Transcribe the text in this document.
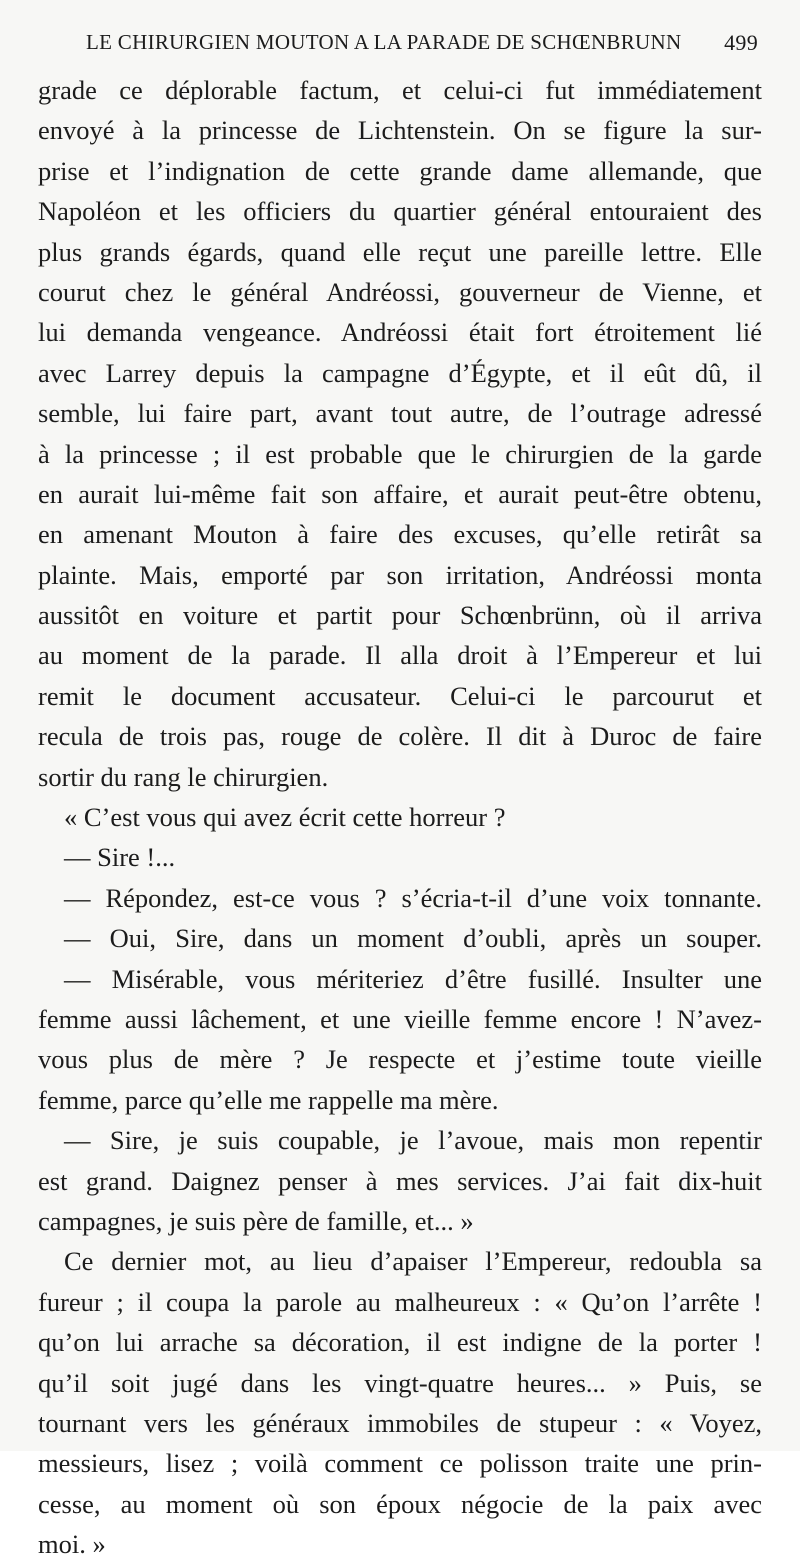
LE CHIRURGIEN MOUTON A LA PARADE DE SCHŒNBRUNN 499
grade ce déplorable factum, et celui-ci fut immédiatement
envoyé à la princesse de Lichtenstein. On se figure la sur-
prise et l’indignation de cette grande dame allemande, que
Napoléon et les officiers du quartier général entouraient des
plus grands égards, quand elle reçut une pareille lettre. Elle
courut chez le général Andréossi, gouverneur de Vienne, et
lui demanda vengeance. Andréossi était fort étroitement lié
avec Larrey depuis la campagne d’Égypte, et il eût dû, il
semble, lui faire part, avant tout autre, de l’outrage adressé
à la princesse ; il est probable que le chirurgien de la garde
en aurait lui-même fait son affaire, et aurait peut-être obtenu,
en amenant Mouton à faire des excuses, qu’elle retirât sa
plainte. Mais, emporté par son irritation, Andréossi monta
aussitôt en voiture et partit pour Schœnbrünn, où il arriva
au moment de la parade. Il alla droit à l’Empereur et lui
remit le document accusateur. Celui-ci le parcourut et
recula de trois pas, rouge de colère. Il dit à Duroc de faire
sortir du rang le chirurgien.
« C’est vous qui avez écrit cette horreur ?
— Sire !...
— Répondez, est-ce vous ? s’écria-t-il d’une voix tonnante.
— Oui, Sire, dans un moment d’oubli, après un souper.
— Misérable, vous mériteriez d’être fusillé. Insulter une
femme aussi lâchement, et une vieille femme encore ! N’avez-
vous plus de mère ? Je respecte et j’estime toute vieille
femme, parce qu’elle me rappelle ma mère.
— Sire, je suis coupable, je l’avoue, mais mon repentir
est grand. Daignez penser à mes services. J’ai fait dix-huit
campagnes, je suis père de famille, et... »
Ce dernier mot, au lieu d’apaiser l’Empereur, redoubla sa
fureur ; il coupa la parole au malheureux : « Qu’on l’arrête !
qu’on lui arrache sa décoration, il est indigne de la porter !
qu’il soit jugé dans les vingt-quatre heures... » Puis, se
tournant vers les généraux immobiles de stupeur : « Voyez,
messieurs, lisez ; voilà comment ce polisson traite une prin-
cesse, au moment où son époux négocie de la paix avec
moi. »
